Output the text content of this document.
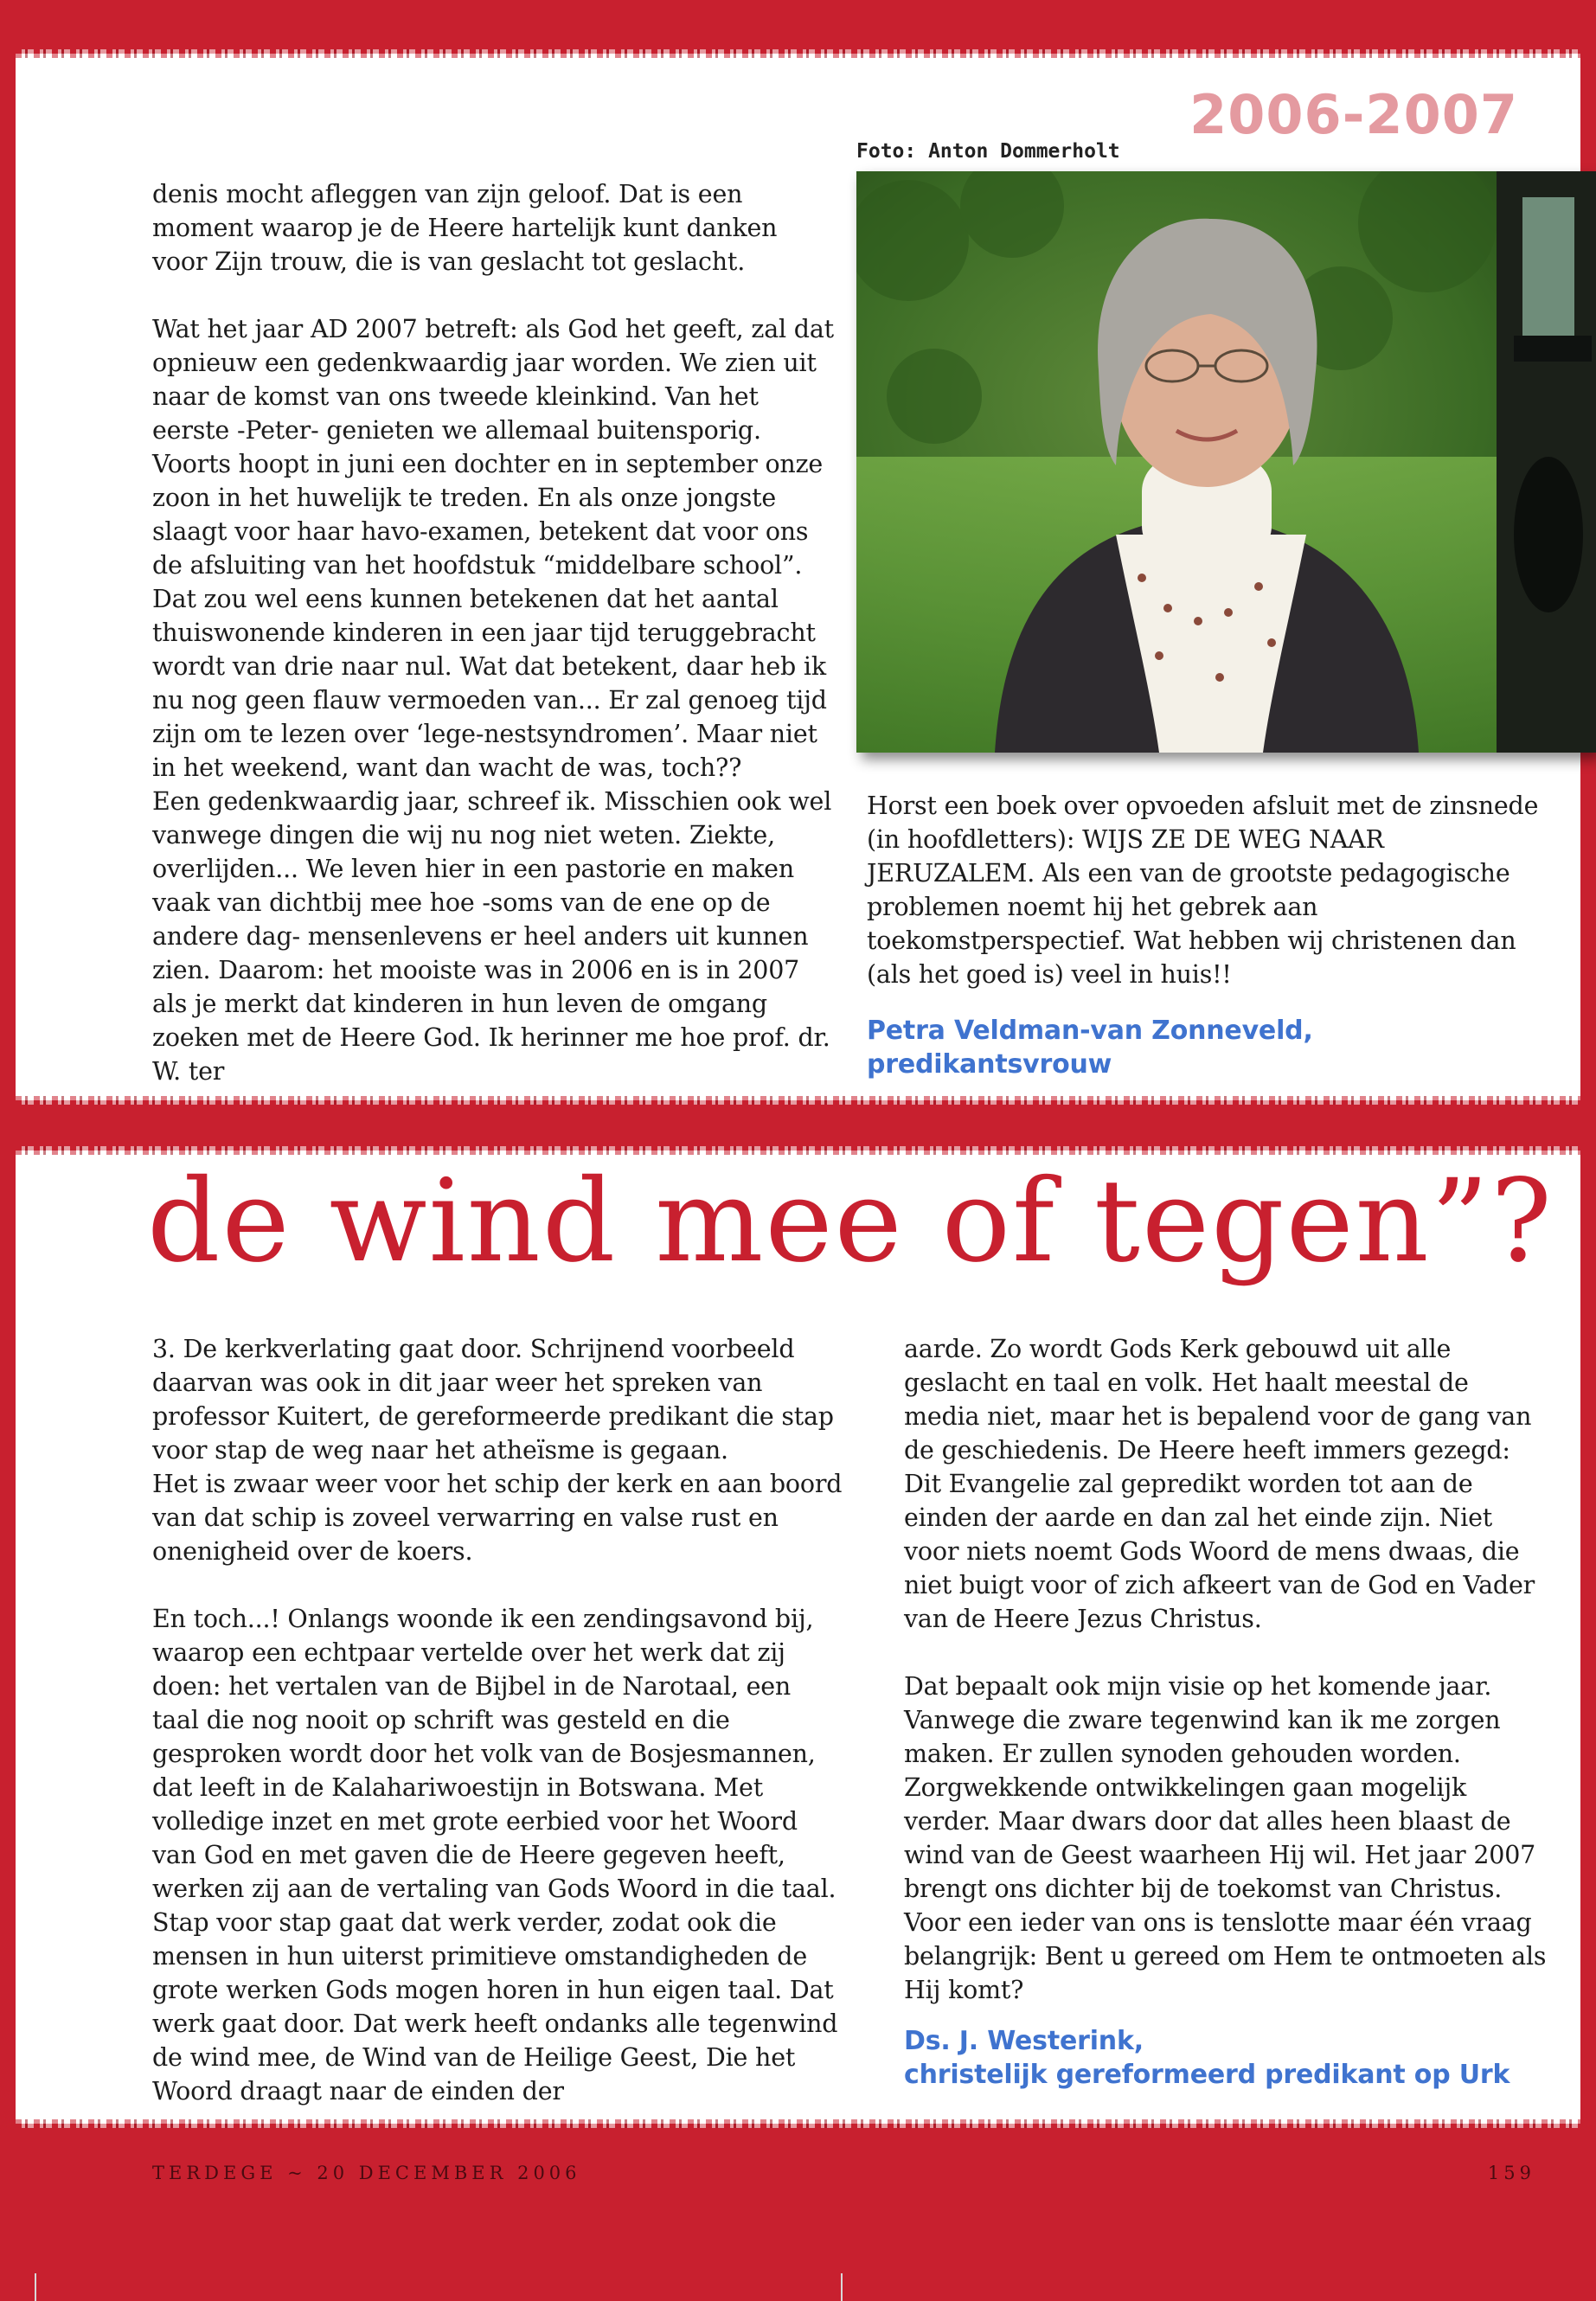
2006-2007
Foto: Anton Dommerholt

denis mocht afleggen van zijn geloof. Dat is een moment waarop je de Heere hartelijk kunt danken voor Zijn trouw, die is van geslacht tot geslacht.

Wat het jaar AD 2007 betreft: als God het geeft, zal dat opnieuw een gedenkwaardig jaar worden. We zien uit naar de komst van ons tweede kleinkind. Van het eerste -Peter- genieten we allemaal buitensporig. Voorts hoopt in juni een dochter en in september onze zoon in het huwelijk te treden. En als onze jongste slaagt voor haar havo-examen, betekent dat voor ons de afsluiting van het hoofdstuk “middelbare school”. Dat zou wel eens kunnen betekenen dat het aantal thuiswonende kinderen in een jaar tijd teruggebracht wordt van drie naar nul. Wat dat betekent, daar heb ik nu nog geen flauw vermoeden van... Er zal genoeg tijd zijn om te lezen over ‘lege-nestsyndromen’. Maar niet in het weekend, want dan wacht de was, toch??

Een gedenkwaardig jaar, schreef ik. Misschien ook wel vanwege dingen die wij nu nog niet weten. Ziekte, overlijden... We leven hier in een pastorie en maken vaak van dichtbij mee hoe -soms van de ene op de andere dag- mensenlevens er heel anders uit kunnen zien. Daarom: het mooiste was in 2006 en is in 2007 als je merkt dat kinderen in hun leven de omgang zoeken met de Heere God. Ik herinner me hoe prof. dr. W. ter

Horst een boek over opvoeden afsluit met de zinsnede (in hoofdletters): WIJS ZE DE WEG NAAR JERUZALEM. Als een van de grootste pedagogische problemen noemt hij het gebrek aan toekomstperspectief. Wat hebben wij christenen dan (als het goed is) veel in huis!!

Petra Veldman-van Zonneveld,
predikantsvrouw
de wind mee of tegen”?

3. De kerkverlating gaat door. Schrijnend voorbeeld daarvan was ook in dit jaar weer het spreken van professor Kuitert, de gereformeerde predikant die stap voor stap de weg naar het atheïsme is gegaan.

Het is zwaar weer voor het schip der kerk en aan boord van dat schip is zoveel verwarring en valse rust en onenigheid over de koers.

En toch...! Onlangs woonde ik een zendingsavond bij, waarop een echtpaar vertelde over het werk dat zij doen: het vertalen van de Bijbel in de Narotaal, een taal die nog nooit op schrift was gesteld en die gesproken wordt door het volk van de Bosjesmannen, dat leeft in de Kalahariwoestijn in Botswana. Met volledige inzet en met grote eerbied voor het Woord van God en met gaven die de Heere gegeven heeft, werken zij aan de vertaling van Gods Woord in die taal. Stap voor stap gaat dat werk verder, zodat ook die mensen in hun uiterst primitieve omstandigheden de grote werken Gods mogen horen in hun eigen taal. Dat werk gaat door. Dat werk heeft ondanks alle tegenwind de wind mee, de Wind van de Heilige Geest, Die het Woord draagt naar de einden der

aarde. Zo wordt Gods Kerk gebouwd uit alle geslacht en taal en volk. Het haalt meestal de media niet, maar het is bepalend voor de gang van de geschiedenis. De Heere heeft immers gezegd: Dit Evangelie zal gepredikt worden tot aan de einden der aarde en dan zal het einde zijn. Niet voor niets noemt Gods Woord de mens dwaas, die niet buigt voor of zich afkeert van de God en Vader van de Heere Jezus Christus.

Dat bepaalt ook mijn visie op het komende jaar. Vanwege die zware tegenwind kan ik me zorgen maken. Er zullen synoden gehouden worden. Zorgwekkende ontwikkelingen gaan mogelijk verder. Maar dwars door dat alles heen blaast de wind van de Geest waarheen Hij wil. Het jaar 2007 brengt ons dichter bij de toekomst van Christus. Voor een ieder van ons is tenslotte maar één vraag belangrijk: Bent u gereed om Hem te ontmoeten als Hij komt?

Ds. J. Westerink,
christelijk gereformeerd predikant op Urk
TERDEGE ~ 20 DECEMBER 2006	159
